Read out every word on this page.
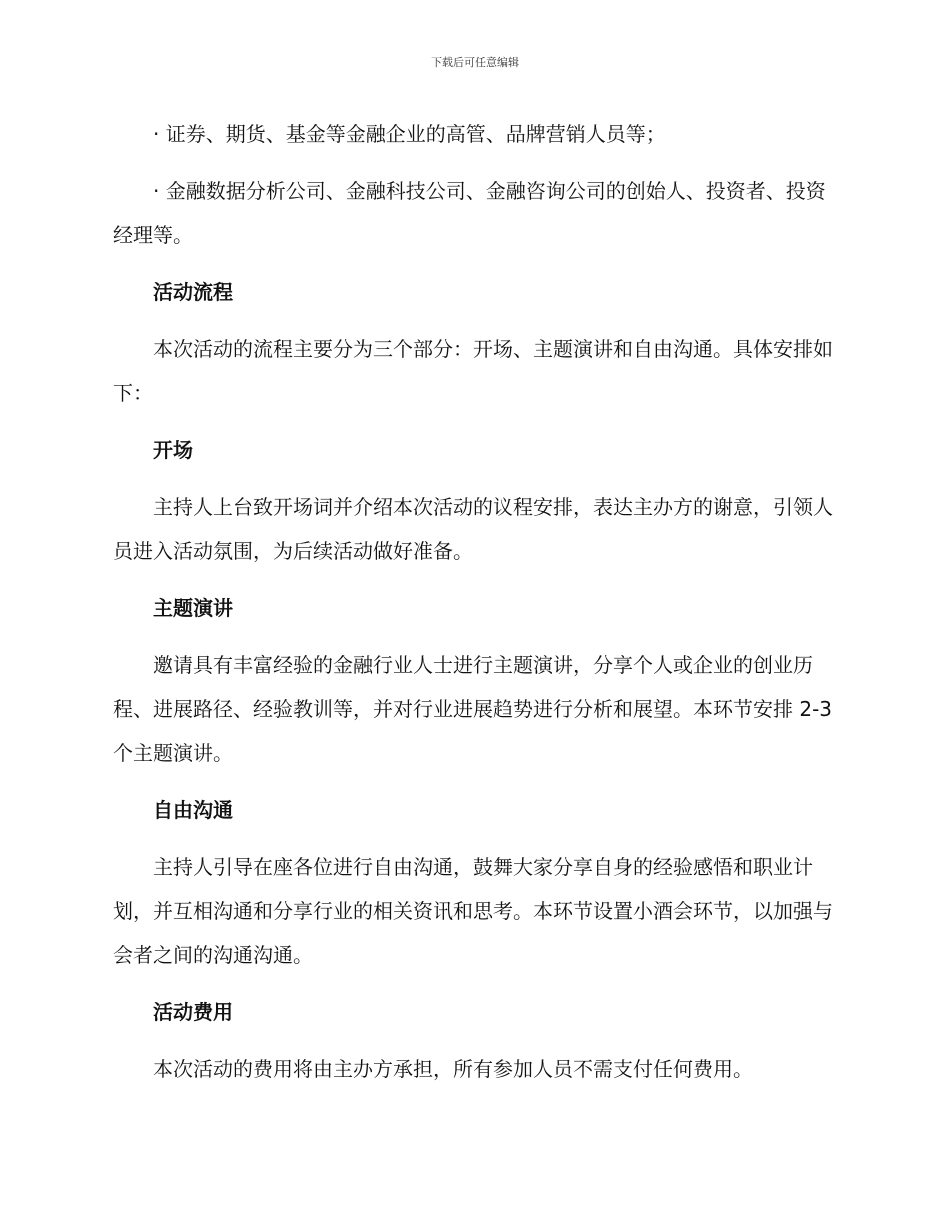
下载后可任意编辑

· 证券、期货、基金等金融企业的高管、品牌营销人员等；

· 金融数据分析公司、金融科技公司、金融咨询公司的创始人、投资者、投资经理等。

活动流程

本次活动的流程主要分为三个部分：开场、主题演讲和自由沟通。具体安排如下：

开场

主持人上台致开场词并介绍本次活动的议程安排，表达主办方的谢意，引领人员进入活动氛围，为后续活动做好准备。

主题演讲

邀请具有丰富经验的金融行业人士进行主题演讲，分享个人或企业的创业历程、进展路径、经验教训等，并对行业进展趋势进行分析和展望。本环节安排 2-3 个主题演讲。

自由沟通

主持人引导在座各位进行自由沟通，鼓舞大家分享自身的经验感悟和职业计划，并互相沟通和分享行业的相关资讯和思考。本环节设置小酒会环节，以加强与会者之间的沟通沟通。

活动费用

本次活动的费用将由主办方承担，所有参加人员不需支付任何费用。
